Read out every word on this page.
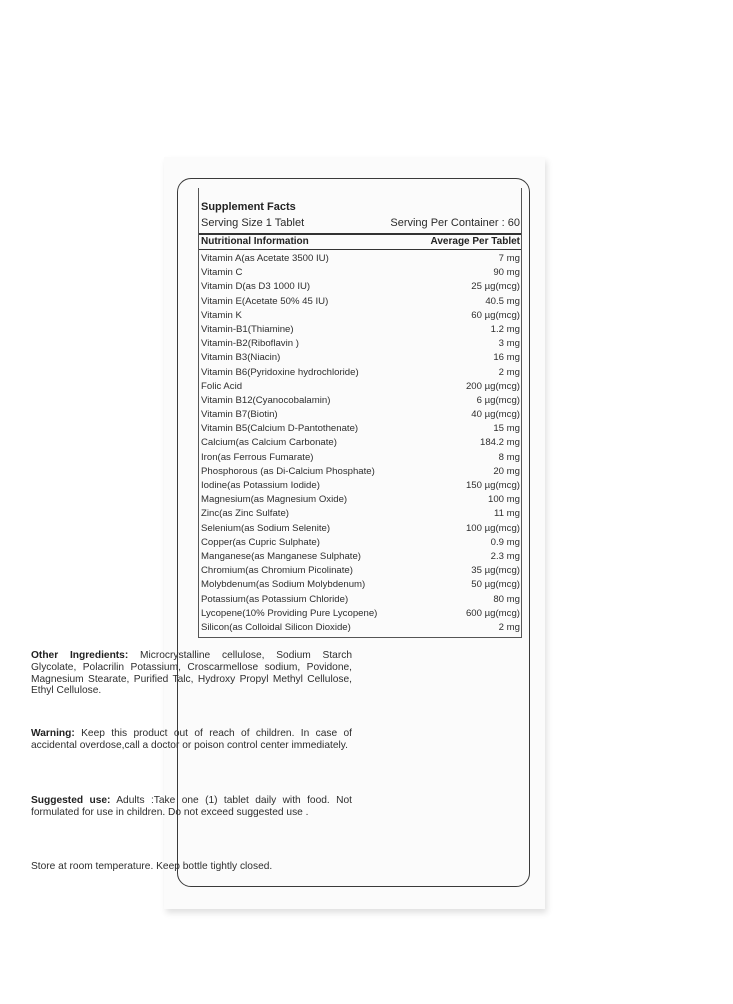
Supplement Facts
Serving Size 1 Tablet	Serving Per Container : 60
Nutritional Information	Average Per Tablet
Vitamin A(as Acetate 3500 IU)	7 mg
Vitamin C	90 mg
Vitamin D(as D3 1000 IU)	25 µg(mcg)
Vitamin E(Acetate 50% 45 IU)	40.5 mg
Vitamin K	60 µg(mcg)
Vitamin-B1(Thiamine)	1.2 mg
Vitamin-B2(Riboflavin )	3 mg
Vitamin B3(Niacin)	16 mg
Vitamin B6(Pyridoxine hydrochloride)	2 mg
Folic Acid	200 µg(mcg)
Vitamin B12(Cyanocobalamin)	6 µg(mcg)
Vitamin B7(Biotin)	40 µg(mcg)
Vitamin B5(Calcium D-Pantothenate)	15 mg
Calcium(as Calcium Carbonate)	184.2 mg
Iron(as Ferrous Fumarate)	8 mg
Phosphorous (as Di-Calcium Phosphate)	20 mg
Iodine(as Potassium Iodide)	150 µg(mcg)
Magnesium(as Magnesium Oxide)	100 mg
Zinc(as Zinc Sulfate)	11 mg
Selenium(as Sodium Selenite)	100 µg(mcg)
Copper(as Cupric Sulphate)	0.9 mg
Manganese(as Manganese Sulphate)	2.3 mg
Chromium(as Chromium Picolinate)	35 µg(mcg)
Molybdenum(as Sodium Molybdenum)	50 µg(mcg)
Potassium(as Potassium Chloride)	80 mg
Lycopene(10% Providing Pure Lycopene)	600 µg(mcg)
Silicon(as Colloidal Silicon Dioxide)	2 mg
Other Ingredients: Microcrystalline cellulose, Sodium Starch Glycolate, Polacrilin Potassium, Croscarmellose sodium, Povidone, Magnesium Stearate, Purified Talc, Hydroxy Propyl Methyl Cellulose, Ethyl Cellulose.
Warning: Keep this product out of reach of children. In case of accidental overdose,call a doctor or poison control center immediately.
Suggested use: Adults :Take one (1) tablet daily with food. Not formulated for use in children. Do not exceed suggested use .
Store at room temperature. Keep bottle tightly closed.
